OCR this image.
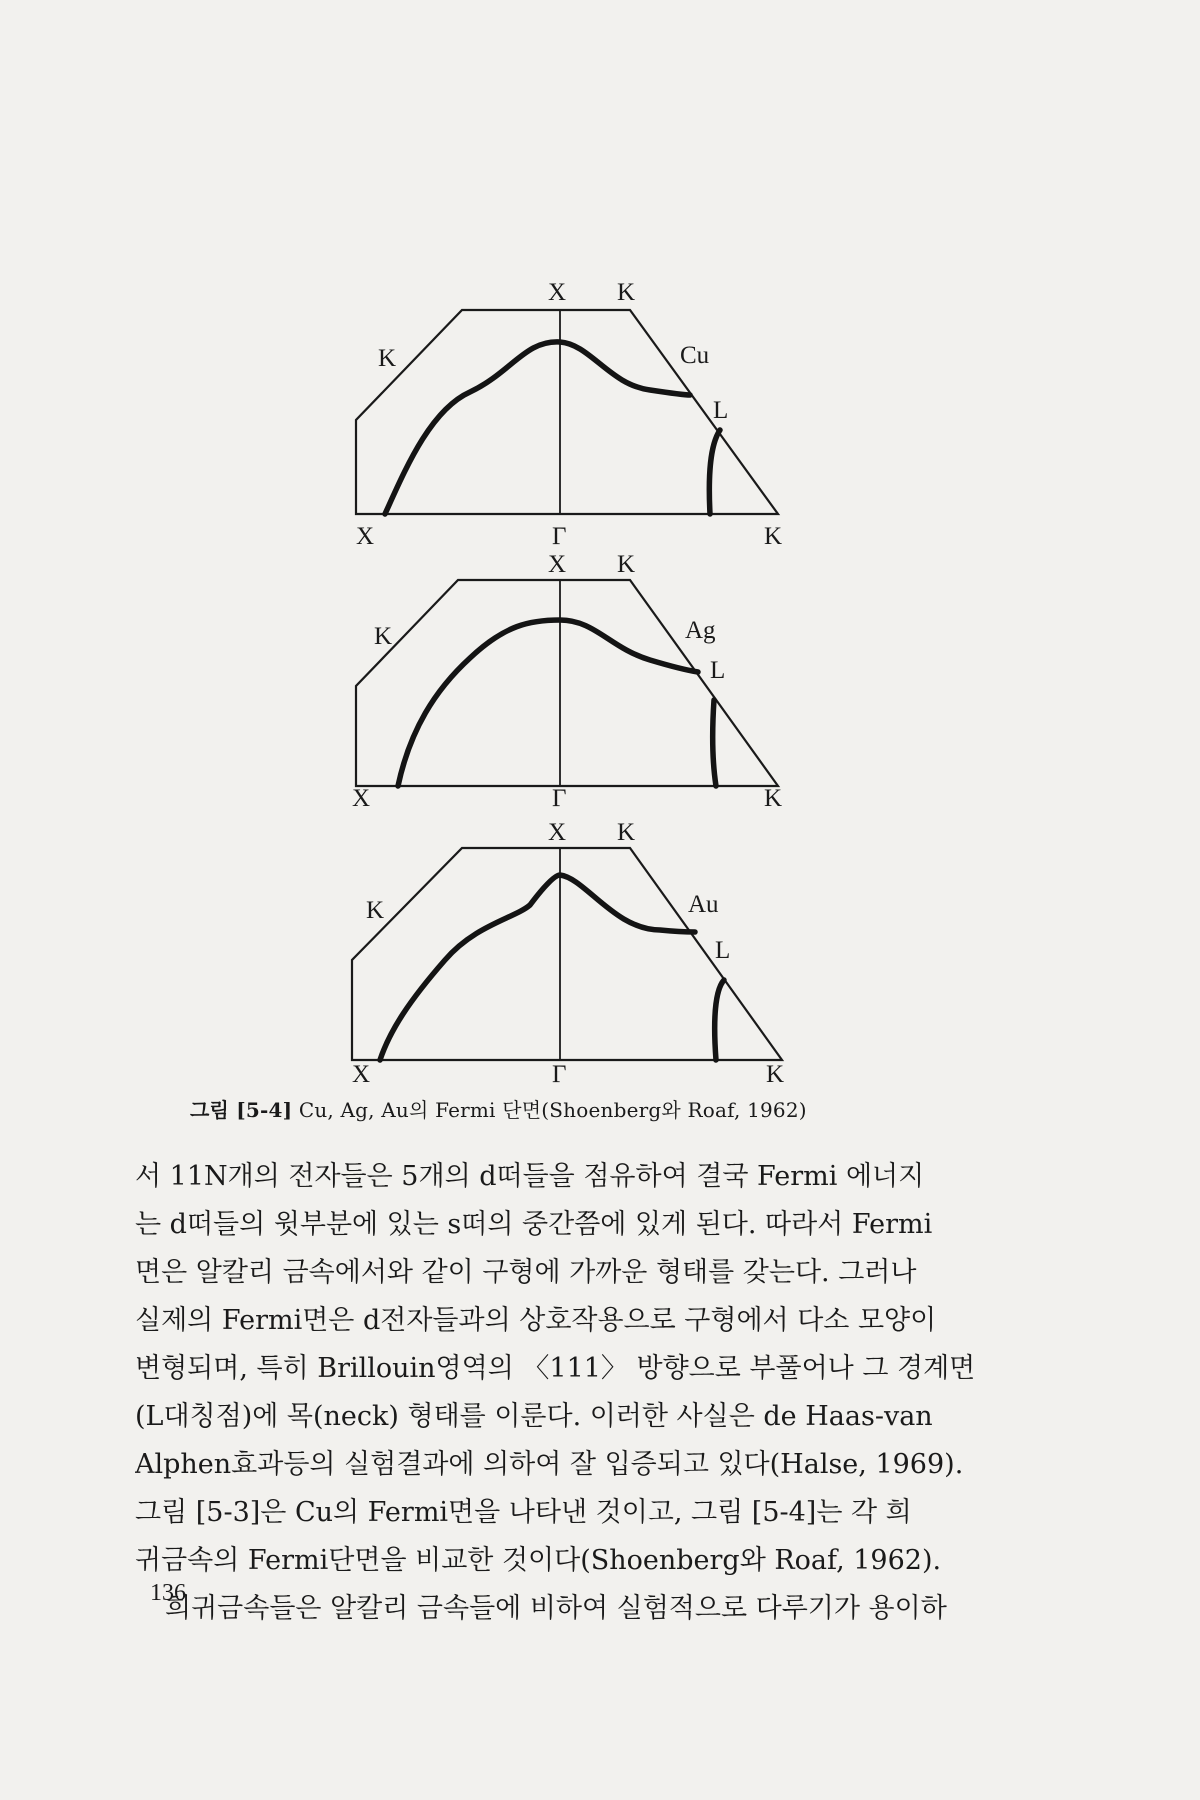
X K
K	Cu
L
X	Γ	K
X K
K	Ag
L
X	Γ	K
X K
K	Au
L
X	Γ	K
그림 [5-4] Cu, Ag, Au의 Fermi 단면(Shoenberg와 Roaf, 1962)
서 11N개의 전자들은 5개의 d떠들을 점유하여 결국 Fermi 에너지
는 d떠들의 윗부분에 있는 s떠의 중간쯤에 있게 된다. 따라서 Fermi
면은 알칼리 금속에서와 같이 구형에 가까운 형태를 갖는다. 그러나
실제의 Fermi면은 d전자들과의 상호작용으로 구형에서 다소 모양이
변형되며, 특히 Brillouin영역의 〈111〉 방향으로 부풀어나 그 경계면
(L대칭점)에 목(neck) 형태를 이룬다. 이러한 사실은 de Haas-van
Alphen효과등의 실험결과에 의하여 잘 입증되고 있다(Halse, 1969).
그림 [5-3]은 Cu의 Fermi면을 나타낸 것이고, 그림 [5-4]는 각 희
귀금속의 Fermi단면을 비교한 것이다(Shoenberg와 Roaf, 1962).
희귀금속들은 알칼리 금속들에 비하여 실험적으로 다루기가 용이하
136
